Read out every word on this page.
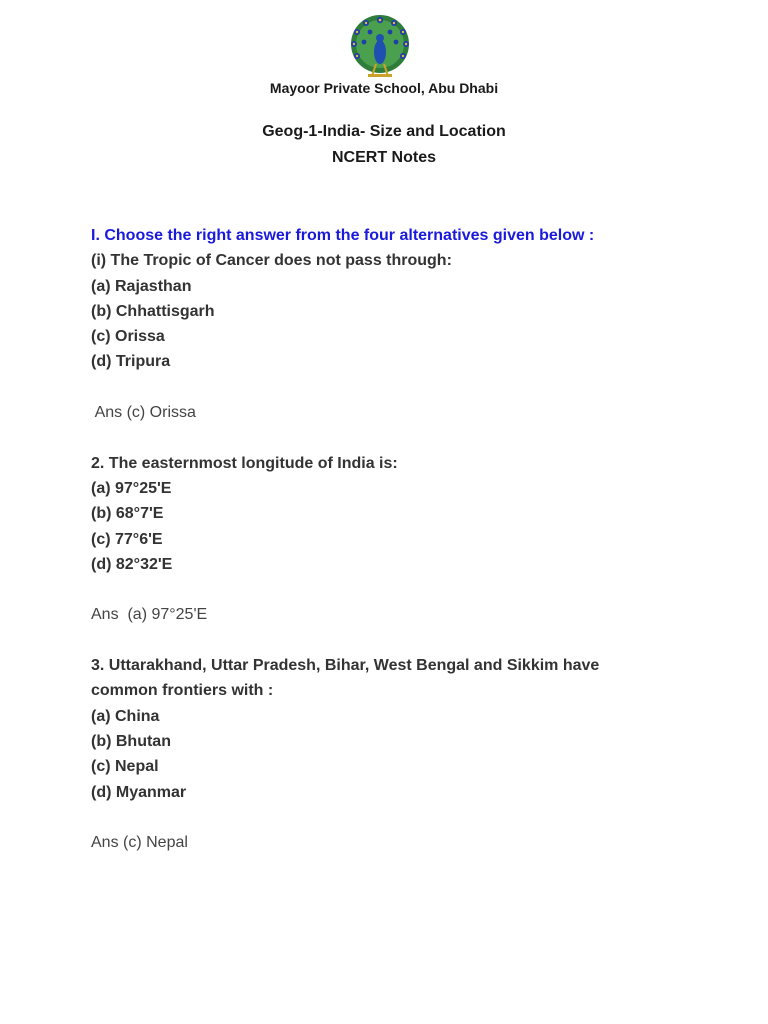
Mayoor Private School, Abu Dhabi
Geog-1-India- Size and Location
NCERT Notes
I. Choose the right answer from the four alternatives given below :
(i) The Tropic of Cancer does not pass through:
(a) Rajasthan
(b) Chhattisgarh
(c) Orissa
(d) Tripura
Ans (c) Orissa
2. The easternmost longitude of India is:
(a) 97°25'E
(b) 68°7'E
(c) 77°6'E
(d) 82°32'E
Ans  (a) 97°25'E
3. Uttarakhand, Uttar Pradesh, Bihar, West Bengal and Sikkim have
common frontiers with :
(a) China
(b) Bhutan
(c) Nepal
(d) Myanmar
Ans (c) Nepal
